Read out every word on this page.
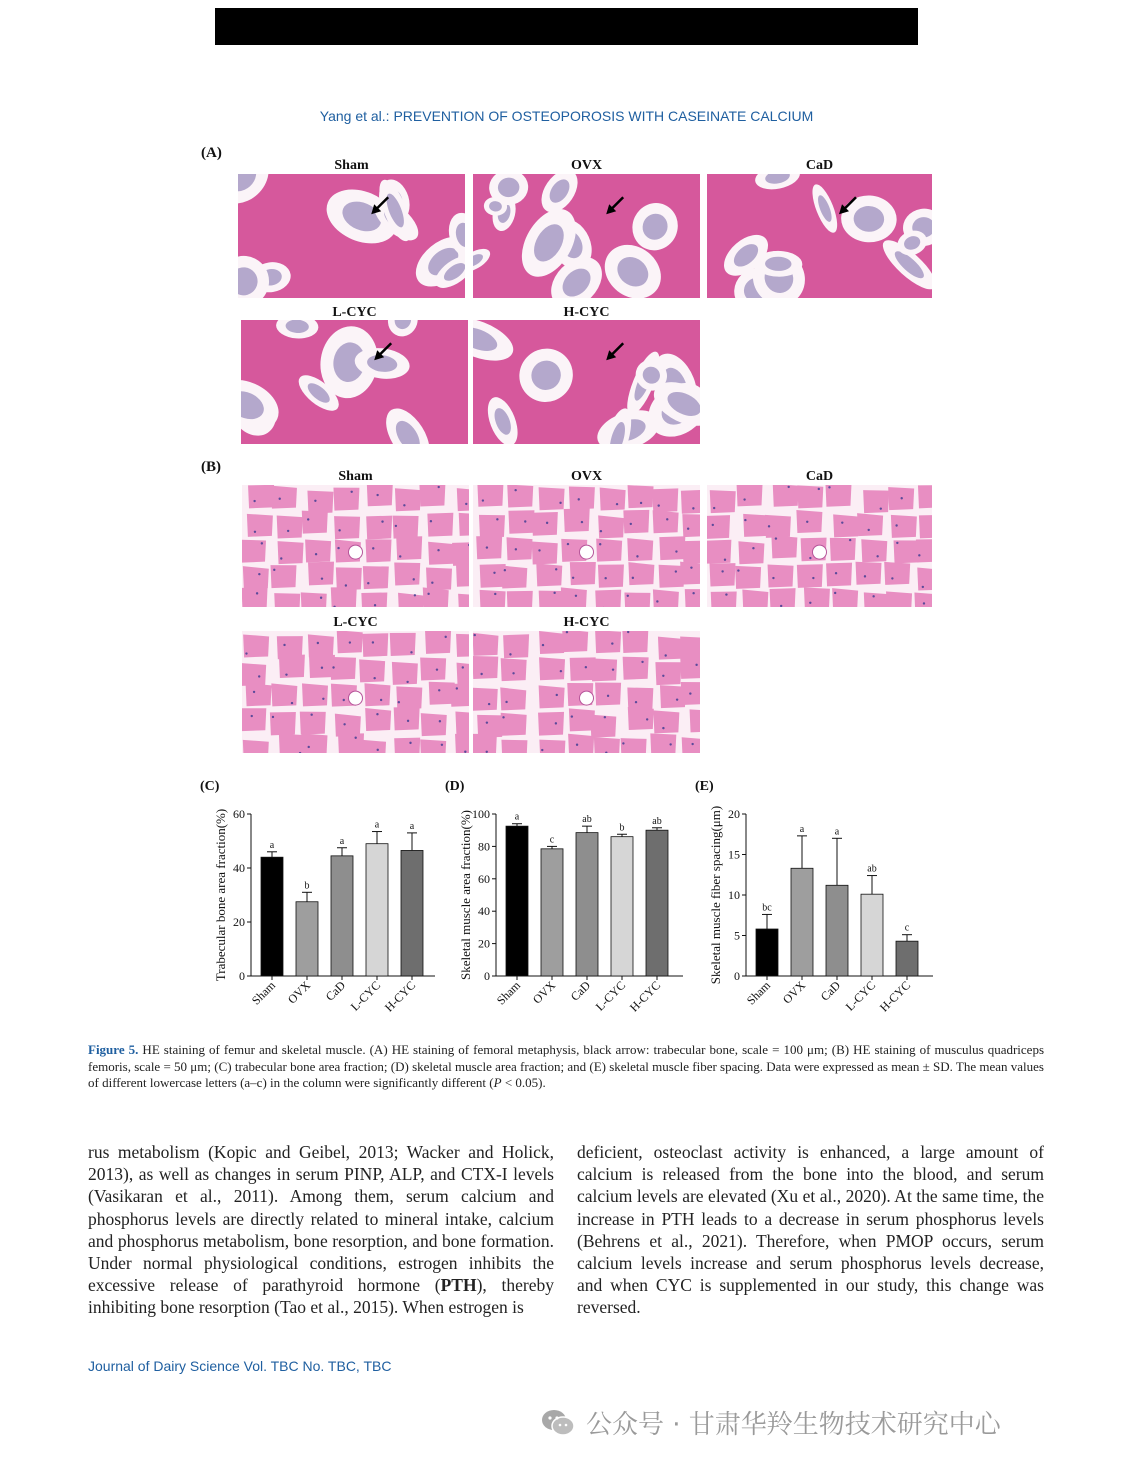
Yang et al.: PREVENTION OF OSTEOPOROSIS WITH CASEINATE CALCIUM
(A)
Sham	OVX	CaD
L-CYC	H-CYC
(B)
Sham	OVX	CaD
L-CYC	H-CYC
(C)
Trabecular bone area fraction(%) 0
20
40
60
a
Sham
b
OVX
a
CaD
a
L-CYC
a
H-CYC
(D)
Skeletal muscle area fraction(%) 0
20
40
60
80
100 a
Sham
c
OVX
ab
CaD
b
L-CYC
ab
H-CYC
(E)
Skeletal muscle fiber spacing(μm) 0
5
10
15
20
bc
Sham
a
OVX
a
CaD
ab
L-CYC
c
H-CYC
Figure 5. HE staining of femur and skeletal muscle. (A) HE staining of femoral metaphysis, black arrow: trabecular bone, scale = 100 μm; (B) HE staining of musculus quadriceps femoris, scale = 50 μm; (C) trabecular bone area fraction; (D) skeletal muscle area fraction; and (E) skeletal muscle fiber spacing. Data were expressed as mean ± SD. The mean values of different lowercase letters (a–c) in the column were significantly different (P < 0.05).
rus metabolism (Kopic and Geibel, 2013; Wacker and Holick, 2013), as well as changes in serum PINP, ALP, and CTX-I levels (Vasikaran et al., 2011). Among them, serum calcium and phosphorus levels are directly related to mineral intake, calcium and phosphorus metabolism, bone resorption, and bone formation. Under normal physiological conditions, estrogen inhibits the excessive release of parathyroid hormone (PTH), thereby inhibiting bone resorption (Tao et al., 2015). When estrogen is
deficient, osteoclast activity is enhanced, a large amount of calcium is released from the bone into the blood, and serum calcium levels are elevated (Xu et al., 2020). At the same time, the increase in PTH leads to a decrease in serum phosphorus levels (Behrens et al., 2021). Therefore, when PMOP occurs, serum calcium levels increase and serum phosphorus levels decrease, and when CYC is supplemented in our study, this change was reversed.
Journal of Dairy Science Vol. TBC No. TBC, TBC
公众号 · 甘肃华羚生物技术研究中心
